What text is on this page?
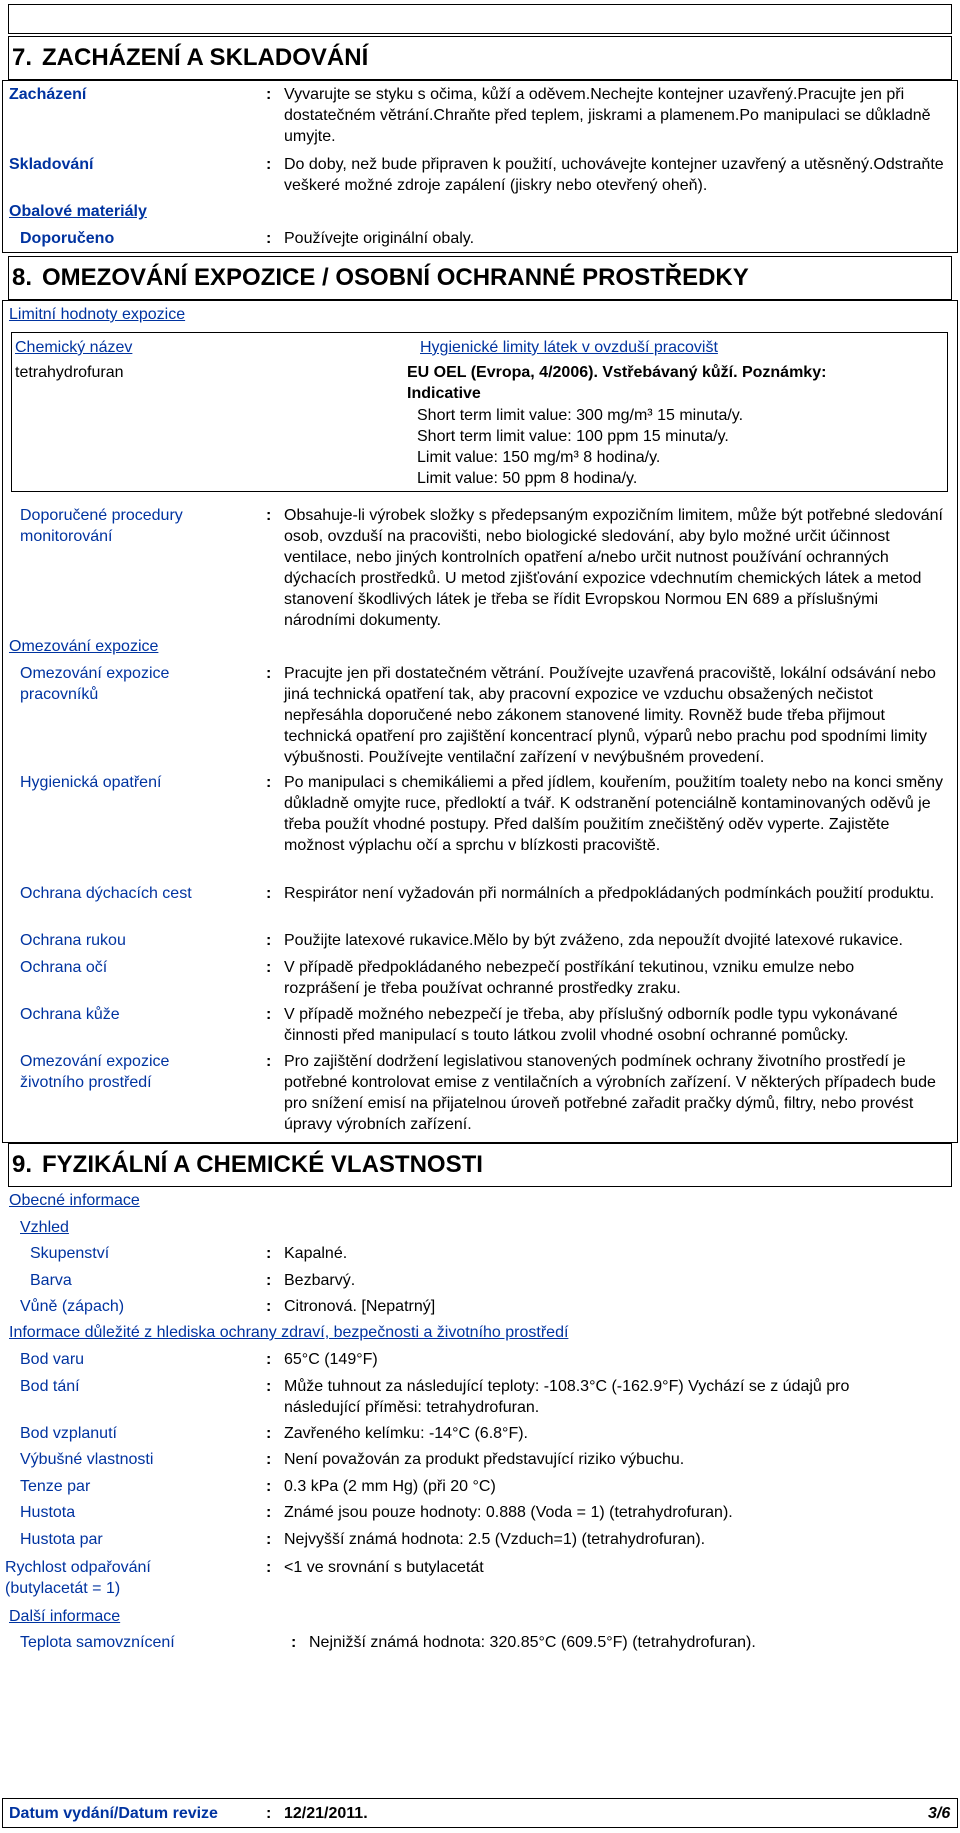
7. ZACHÁZENÍ A SKLADOVÁNÍ
Zacházení	: Vyvarujte se styku s očima, kůží a oděvem.Nechejte kontejner uzavřený.Pracujte jen při dostatečném větrání.Chraňte před teplem, jiskrami a plamenem.Po manipulaci se důkladně umyjte.
Skladování	: Do doby, než bude připraven k použití, uchovávejte kontejner uzavřený a utěsněný.Odstraňte veškeré možné zdroje zapálení (jiskry nebo otevřený oheň).
Obalové materiály
Doporučeno	: Používejte originální obaly.
8. OMEZOVÁNÍ EXPOZICE / OSOBNÍ OCHRANNÉ PROSTŘEDKY
Limitní hodnoty expozice
Chemický název	Hygienické limity látek v ovzduší pracovišt
tetrahydrofuran	EU OEL (Evropa, 4/2006). Vstřebávaný kůží. Poznámky:
Indicative
Short term limit value: 300 mg/m³ 15 minuta/y.
Short term limit value: 100 ppm 15 minuta/y.
Limit value: 150 mg/m³ 8 hodina/y.
Limit value: 50 ppm 8 hodina/y.
Doporučené procedury monitorování
: Obsahuje-li výrobek složky s předepsaným expozičním limitem, může být potřebné sledování osob, ovzduší na pracovišti, nebo biologické sledování, aby bylo možné určit účinnost ventilace, nebo jiných kontrolních opatření a/nebo určit nutnost používání ochranných dýchacích prostředků. U metod zjišťování expozice vdechnutím chemických látek a metod stanovení škodlivých látek je třeba se řídit Evropskou Normou EN 689 a příslušnými národními dokumenty.
Omezování expozice
Omezování expozice pracovníků
: Pracujte jen při dostatečném větrání. Používejte uzavřená pracoviště, lokální odsávání nebo jiná technická opatření tak, aby pracovní expozice ve vzduchu obsažených nečistot nepřesáhla doporučené nebo zákonem stanovené limity. Rovněž bude třeba přijmout technická opatření pro zajištění koncentrací plynů, výparů nebo prachu pod spodními limity výbušnosti. Používejte ventilační zařízení v nevýbušném provedení.
Hygienická opatření	: Po manipulaci s chemikáliemi a před jídlem, kouřením, použitím toalety nebo na konci směny důkladně omyjte ruce, předloktí a tvář. K odstranění potenciálně kontaminovaných oděvů je třeba použít vhodné postupy. Před dalším použitím znečištěný oděv vyperte. Zajistěte možnost výplachu očí a sprchu v blízkosti pracoviště.
Ochrana dýchacích cest	: Respirátor není vyžadován při normálních a předpokládaných podmínkách použití produktu.
Ochrana rukou	: Použijte latexové rukavice.Mělo by být zváženo, zda nepoužít dvojité latexové rukavice.
Ochrana očí	: V případě předpokládaného nebezpečí postříkání tekutinou, vzniku emulze nebo rozprášení je třeba používat ochranné prostředky zraku.
Ochrana kůže	: V případě možného nebezpečí je třeba, aby příslušný odborník podle typu vykonávané činnosti před manipulací s touto látkou zvolil vhodné osobní ochranné pomůcky.
Omezování expozice životního prostředí
: Pro zajištění dodržení legislativou stanovených podmínek ochrany životního prostředí je potřebné kontrolovat emise z ventilačních a výrobních zařízení. V některých případech bude pro snížení emisí na přijatelnou úroveň potřebné zařadit pračky dýmů, filtry, nebo provést úpravy výrobních zařízení.
9. FYZIKÁLNÍ A CHEMICKÉ VLASTNOSTI
Obecné informace
Vzhled
Skupenství	: Kapalné.
Barva	: Bezbarvý.
Vůně (zápach)	: Citronová. [Nepatrný]
Informace důležité z hlediska ochrany zdraví, bezpečnosti a životního prostředí
Bod varu	: 65°C (149°F)
Bod tání	: Může tuhnout za následující teploty: -108.3°C (-162.9°F) Vychází se z údajů pro následující příměsi: tetrahydrofuran.
Bod vzplanutí	: Zavřeného kelímku: -14°C (6.8°F).
Výbušné vlastnosti	: Není považován za produkt představující riziko výbuchu.
Tenze par	: 0.3 kPa (2 mm Hg) (při 20 °C)
Hustota	: Známé jsou pouze hodnoty: 0.888 (Voda = 1) (tetrahydrofuran).
Hustota par	: Nejvyšší známá hodnota: 2.5 (Vzduch=1) (tetrahydrofuran).
Rychlost odpařování (butylacetát = 1)
: <1 ve srovnání s butylacetát
Další informace
Teplota samovznícení	: Nejnižší známá hodnota: 320.85°C (609.5°F) (tetrahydrofuran).
Datum vydání/Datum revize	: 12/21/2011.	3/6
